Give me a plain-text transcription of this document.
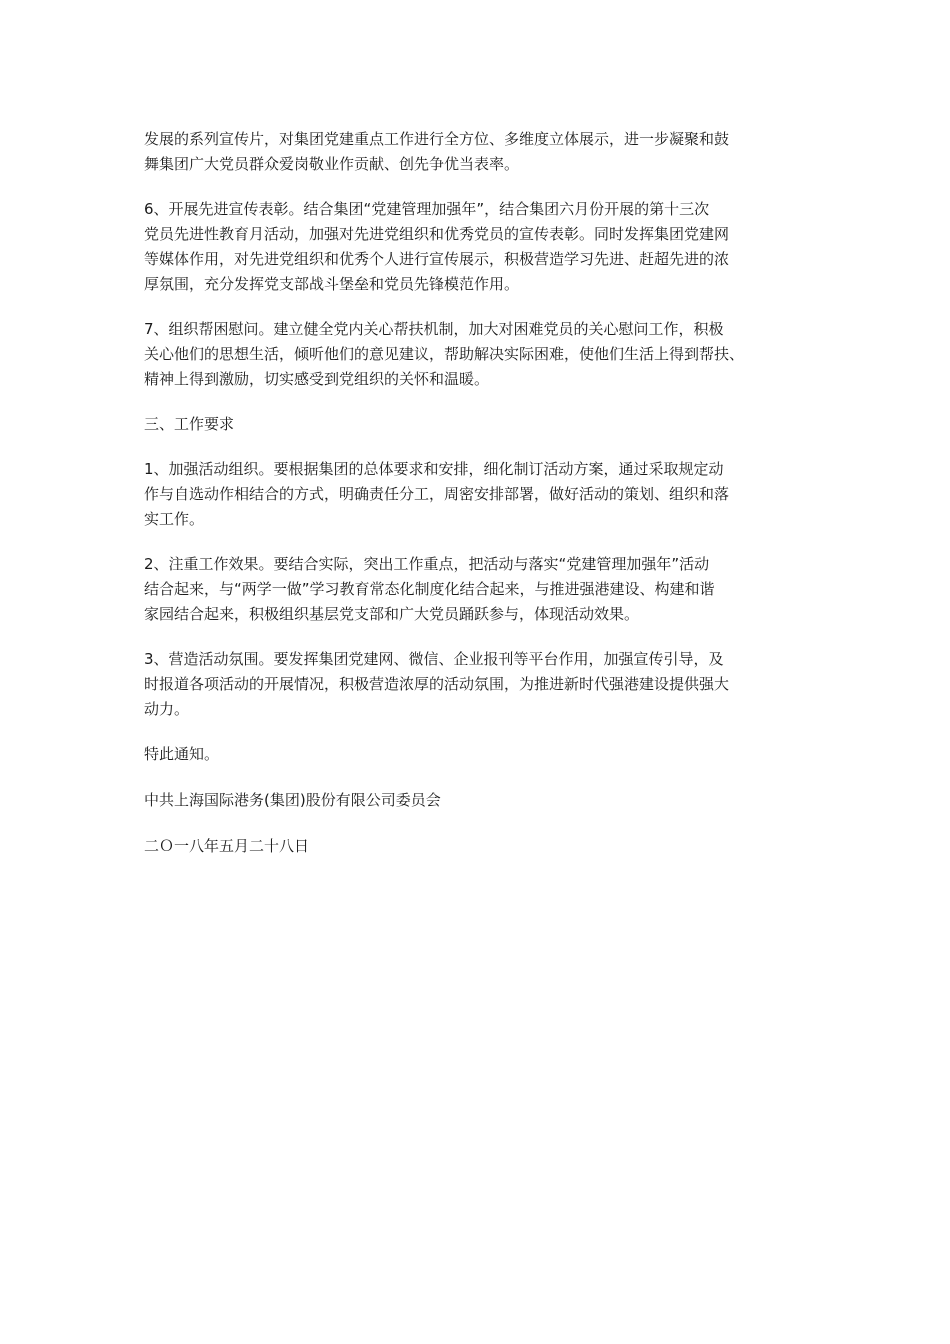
发展的系列宣传片，对集团党建重点工作进行全方位、多维度立体展示，进一步凝聚和鼓
舞集团广大党员群众爱岗敬业作贡献、创先争优当表率。

6、开展先进宣传表彰。结合集团“党建管理加强年”，结合集团六月份开展的第十三次
党员先进性教育月活动，加强对先进党组织和优秀党员的宣传表彰。同时发挥集团党建网
等媒体作用，对先进党组织和优秀个人进行宣传展示，积极营造学习先进、赶超先进的浓
厚氛围，充分发挥党支部战斗堡垒和党员先锋模范作用。

7、组织帮困慰问。建立健全党内关心帮扶机制，加大对困难党员的关心慰问工作，积极
关心他们的思想生活，倾听他们的意见建议，帮助解决实际困难，使他们生活上得到帮扶、
精神上得到激励，切实感受到党组织的关怀和温暖。

三、工作要求

1、加强活动组织。要根据集团的总体要求和安排，细化制订活动方案，通过采取规定动
作与自选动作相结合的方式，明确责任分工，周密安排部署，做好活动的策划、组织和落
实工作。

2、注重工作效果。要结合实际，突出工作重点，把活动与落实“党建管理加强年”活动
结合起来，与“两学一做”学习教育常态化制度化结合起来，与推进强港建设、构建和谐
家园结合起来，积极组织基层党支部和广大党员踊跃参与，体现活动效果。

3、营造活动氛围。要发挥集团党建网、微信、企业报刊等平台作用，加强宣传引导，及
时报道各项活动的开展情况，积极营造浓厚的活动氛围，为推进新时代强港建设提供强大
动力。

特此通知。

中共上海国际港务(集团)股份有限公司委员会

二Ｏ一八年五月二十八日
